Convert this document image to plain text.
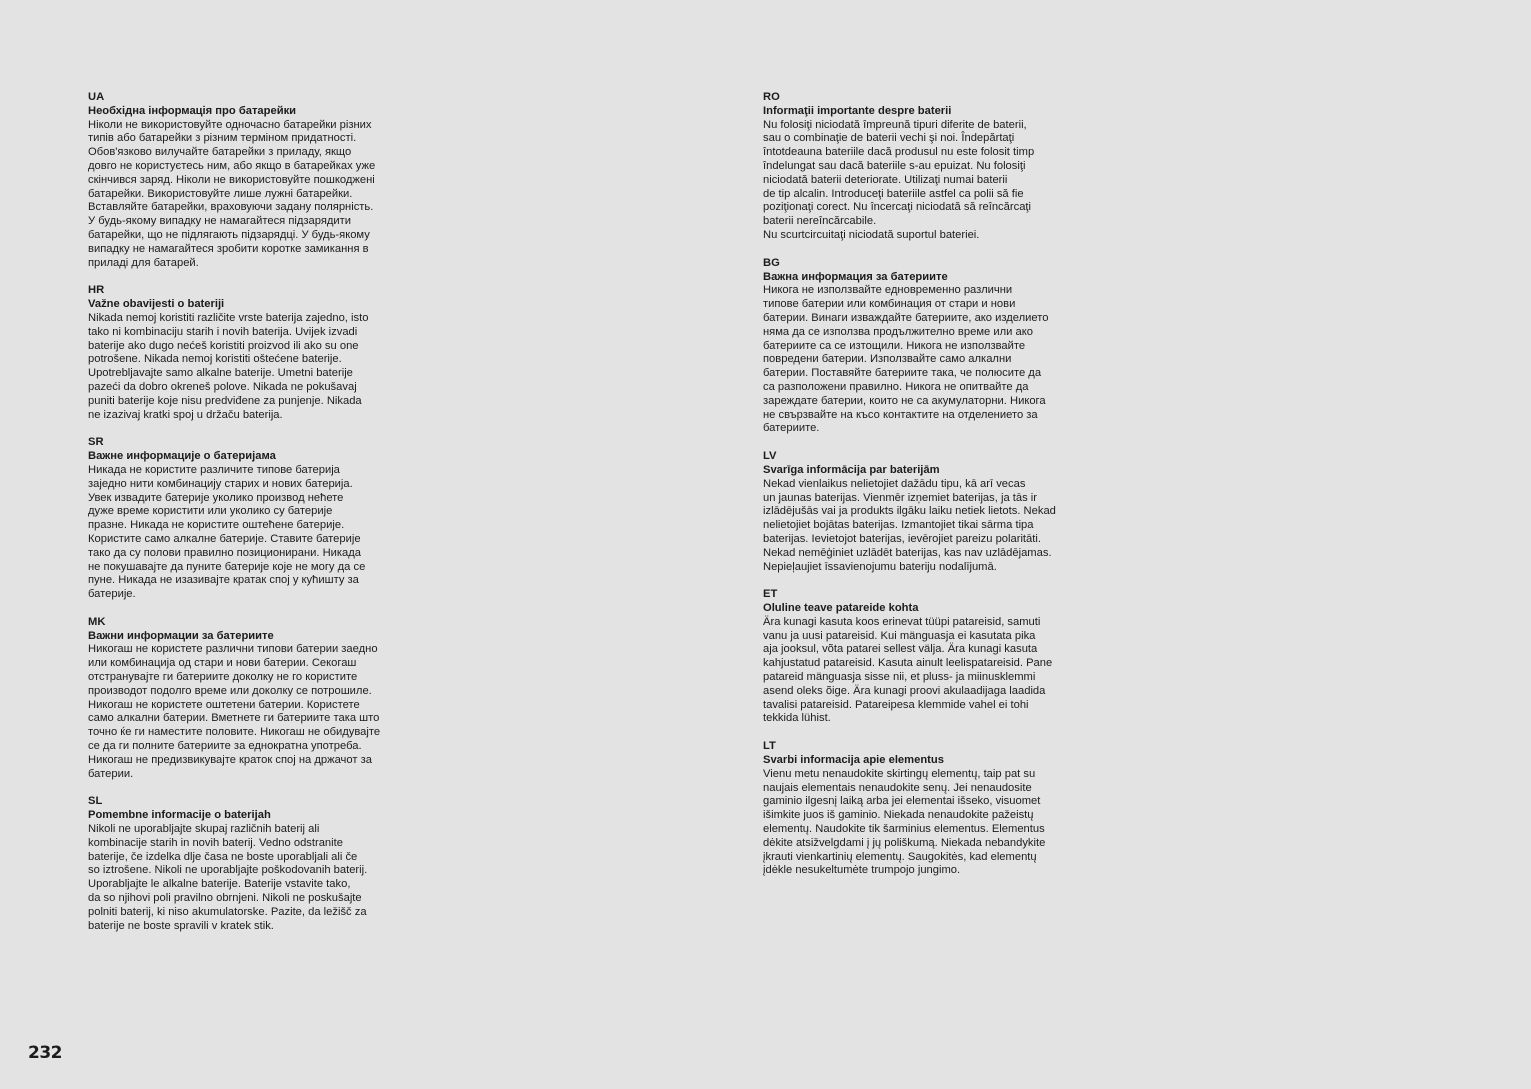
UA

Необхідна інформація про батарейки

Ніколи не використовуйте одночасно батарейки різних
типів або батарейки з різним терміном придатності.
Обов'язково вилучайте батарейки з приладу, якщо
довго не користуєтесь ним, або якщо в батарейках уже
скінчився заряд. Ніколи не використовуйте пошкоджені
батарейки. Використовуйте лише лужні батарейки.
Вставляйте батарейки, враховуючи задану полярність.
У будь-якому випадку не намагайтеся підзарядити
батарейки, що не підлягають підзарядці. У будь-якому
випадку не намагайтеся зробити коротке замикання в
приладі для батарей.

HR

Važne obavijesti o bateriji

Nikada nemoj koristiti različite vrste baterija zajedno, isto
tako ni kombinaciju starih i novih baterija. Uvijek izvadi
baterije ako dugo nećeš koristiti proizvod ili ako su one
potrošene. Nikada nemoj koristiti oštećene baterije.
Upotrebljavajte samo alkalne baterije. Umetni baterije
pazeći da dobro okreneš polove. Nikada ne pokušavaj
puniti baterije koje nisu predviđene za punjenje. Nikada
ne izazivaj kratki spoj u držaču baterija.

SR

Важне информације о батеријама

Никада не користите различите типове батерија
заједно нити комбинацију старих и нових батерија.
Увек извадите батерије уколико производ нећете
дуже време користити или уколико су батерије
празне. Никада не користите оштећене батерије.
Користите само алкалне батерије. Ставите батерије
тако да су полови правилно позиционирани. Никада
не покушавајте да пуните батерије које не могу да се
пуне. Никада не изазивајте кратак спој у кућишту за
батерије.

MK

Важни информации за батериите

Никогаш не користете различни типови батерии заедно
или комбинација од стари и нови батерии. Секогаш
отстранувајте ги батериите доколку не го користите
производот подолго време или доколку се потрошиле.
Никогаш не користете оштетени батерии. Користете
само алкални батерии. Вметнете ги батериите така што
точно ќе ги наместите половите. Никогаш не обидувајте
се да ги полните батериите за еднократна употреба.
Никогаш не предизвикувајте краток спој на држачот за
батерии.

SL

Pomembne informacije o baterijah

Nikoli ne uporabljajte skupaj različnih baterij ali
kombinacije starih in novih baterij. Vedno odstranite
baterije, če izdelka dlje časa ne boste uporabljali ali če
so iztrošene. Nikoli ne uporabljajte poškodovanih baterij.
Uporabljajte le alkalne baterije. Baterije vstavite tako,
da so njihovi poli pravilno obrnjeni. Nikoli ne poskušajte
polniti baterij, ki niso akumulatorske. Pazite, da ležišč za
baterije ne boste spravili v kratek stik.

RO

Informaţii importante despre baterii

Nu folosiţi niciodată împreună tipuri diferite de baterii,
sau o combinaţie de baterii vechi şi noi. Îndepărtaţi
întotdeauna bateriile dacă produsul nu este folosit timp
îndelungat sau dacă bateriile s-au epuizat. Nu folosiţi
niciodată baterii deteriorate. Utilizaţi numai baterii
de tip alcalin. Introduceţi bateriile astfel ca polii să fie
poziţionaţi corect. Nu încercaţi niciodată să reîncărcaţi
baterii nereîncărcabile.
Nu scurtcircuitaţi niciodată suportul bateriei.

BG

Важна информация за батериите

Никога не използвайте едновременно различни
типове батерии или комбинация от стари и нови
батерии. Винаги изваждайте батериите, ако изделието
няма да се използва продължително време или ако
батериите са се изтощили. Никога не използвайте
повредени батерии. Използвайте само алкални
батерии. Поставяйте батериите така, че полюсите да
са разположени правилно. Никога не опитвайте да
зареждате батерии, които не са акумулаторни. Никога
не свързвайте на късо контактите на отделението за
батериите.

LV

Svarīga informācija par baterijām

Nekad vienlaikus nelietojiet dažādu tipu, kā arī vecas
un jaunas baterijas. Vienmēr izņemiet baterijas, ja tās ir
izlādējušās vai ja produkts ilgāku laiku netiek lietots. Nekad
nelietojiet bojātas baterijas. Izmantojiet tikai sārma tipa
baterijas. Ievietojot baterijas, ievērojiet pareizu polaritāti.
Nekad nemēģiniet uzlādēt baterijas, kas nav uzlādējamas.
Nepieļaujiet īssavienojumu bateriju nodalījumā.

ET

Oluline teave patareide kohta

Ära kunagi kasuta koos erinevat tüüpi patareisid, samuti
vanu ja uusi patareisid. Kui mänguasja ei kasutata pika
aja jooksul, võta patarei sellest välja. Ära kunagi kasuta
kahjustatud patareisid. Kasuta ainult leelispatareisid. Pane
patareid mänguasja sisse nii, et pluss- ja miinusklemmi
asend oleks õige. Ära kunagi proovi akulaadijaga laadida
tavalisi patareisid. Patareipesa klemmide vahel ei tohi
tekkida lühist.

LT

Svarbi informacija apie elementus

Vienu metu nenaudokite skirtingų elementų, taip pat su
naujais elementais nenaudokite senų. Jei nenaudosite
gaminio ilgesnį laiką arba jei elementai išseko, visuomet
išimkite juos iš gaminio. Niekada nenaudokite pažeistų
elementų. Naudokite tik šarminius elementus. Elementus
dėkite atsižvelgdami į jų poliškumą. Niekada nebandykite
įkrauti vienkartinių elementų. Saugokitės, kad elementų
įdėkle nesukeltumėte trumpojo jungimo.

232
